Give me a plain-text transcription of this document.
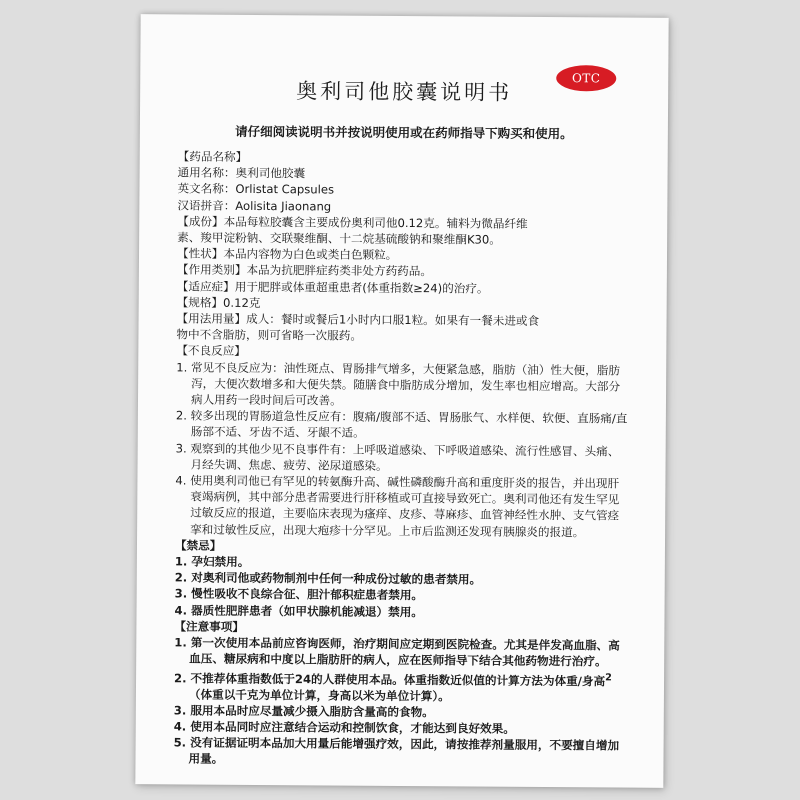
OTC
奥利司他胶囊说明书

请仔细阅读说明书并按说明使用或在药师指导下购买和使用。

【药品名称】

通用名称：奥利司他胶囊

英文名称：Orlistat Capsules

汉语拼音：Aolisita Jiaonang

【成份】本品每粒胶囊含主要成份奥利司他0.12克。辅料为微晶纤维

素、羧甲淀粉钠、交联聚维酮、十二烷基硫酸钠和聚维酮K30。

【性状】本品内容物为白色或类白色颗粒。

【作用类别】本品为抗肥胖症药类非处方药药品。

【适应症】用于肥胖或体重超重患者(体重指数≥24)的治疗。

【规格】0.12克

【用法用量】成人：餐时或餐后1小时内口服1粒。如果有一餐未进或食

物中不含脂肪，则可省略一次服药。

【不良反应】

1. 常见不良反应为：油性斑点、胃肠排气增多，大便紧急感，脂肪（油）性大便，脂肪泻，大便次数增多和大便失禁。随膳食中脂肪成分增加，发生率也相应增高。大部分病人用药一段时间后可改善。

2. 较多出现的胃肠道急性反应有：腹痛/腹部不适、胃肠胀气、水样便、软便、直肠痛/直肠部不适、牙齿不适、牙龈不适。

3. 观察到的其他少见不良事件有：上呼吸道感染、下呼吸道感染、流行性感冒、头痛、月经失调、焦虑、疲劳、泌尿道感染。

4. 使用奥利司他已有罕见的转氨酶升高、碱性磷酸酶升高和重度肝炎的报告，并出现肝衰竭病例，其中部分患者需要进行肝移植或可直接导致死亡。奥利司他还有发生罕见过敏反应的报道，主要临床表现为瘙痒、皮疹、荨麻疹、血管神经性水肿、支气管痉挛和过敏性反应，出现大疱疹十分罕见。上市后监测还发现有胰腺炎的报道。

【禁忌】

1. 孕妇禁用。

2. 对奥利司他或药物制剂中任何一种成份过敏的患者禁用。

3. 慢性吸收不良综合征、胆汁郁积症患者禁用。

4. 器质性肥胖患者（如甲状腺机能减退）禁用。

【注意事项】

1. 第一次使用本品前应咨询医师，治疗期间应定期到医院检查。尤其是伴发高血脂、高血压、糖尿病和中度以上脂肪肝的病人，应在医师指导下结合其他药物进行治疗。

2. 不推荐体重指数低于24的人群使用本品。体重指数近似值的计算方法为体重/身高$^2$（体重以千克为单位计算，身高以米为单位计算）。

3. 服用本品时应尽量减少摄入脂肪含量高的食物。

4. 使用本品同时应注意结合运动和控制饮食，才能达到良好效果。

5. 没有证据证明本品加大用量后能增强疗效，因此，请按推荐剂量服用，不要擅自增加用量。
